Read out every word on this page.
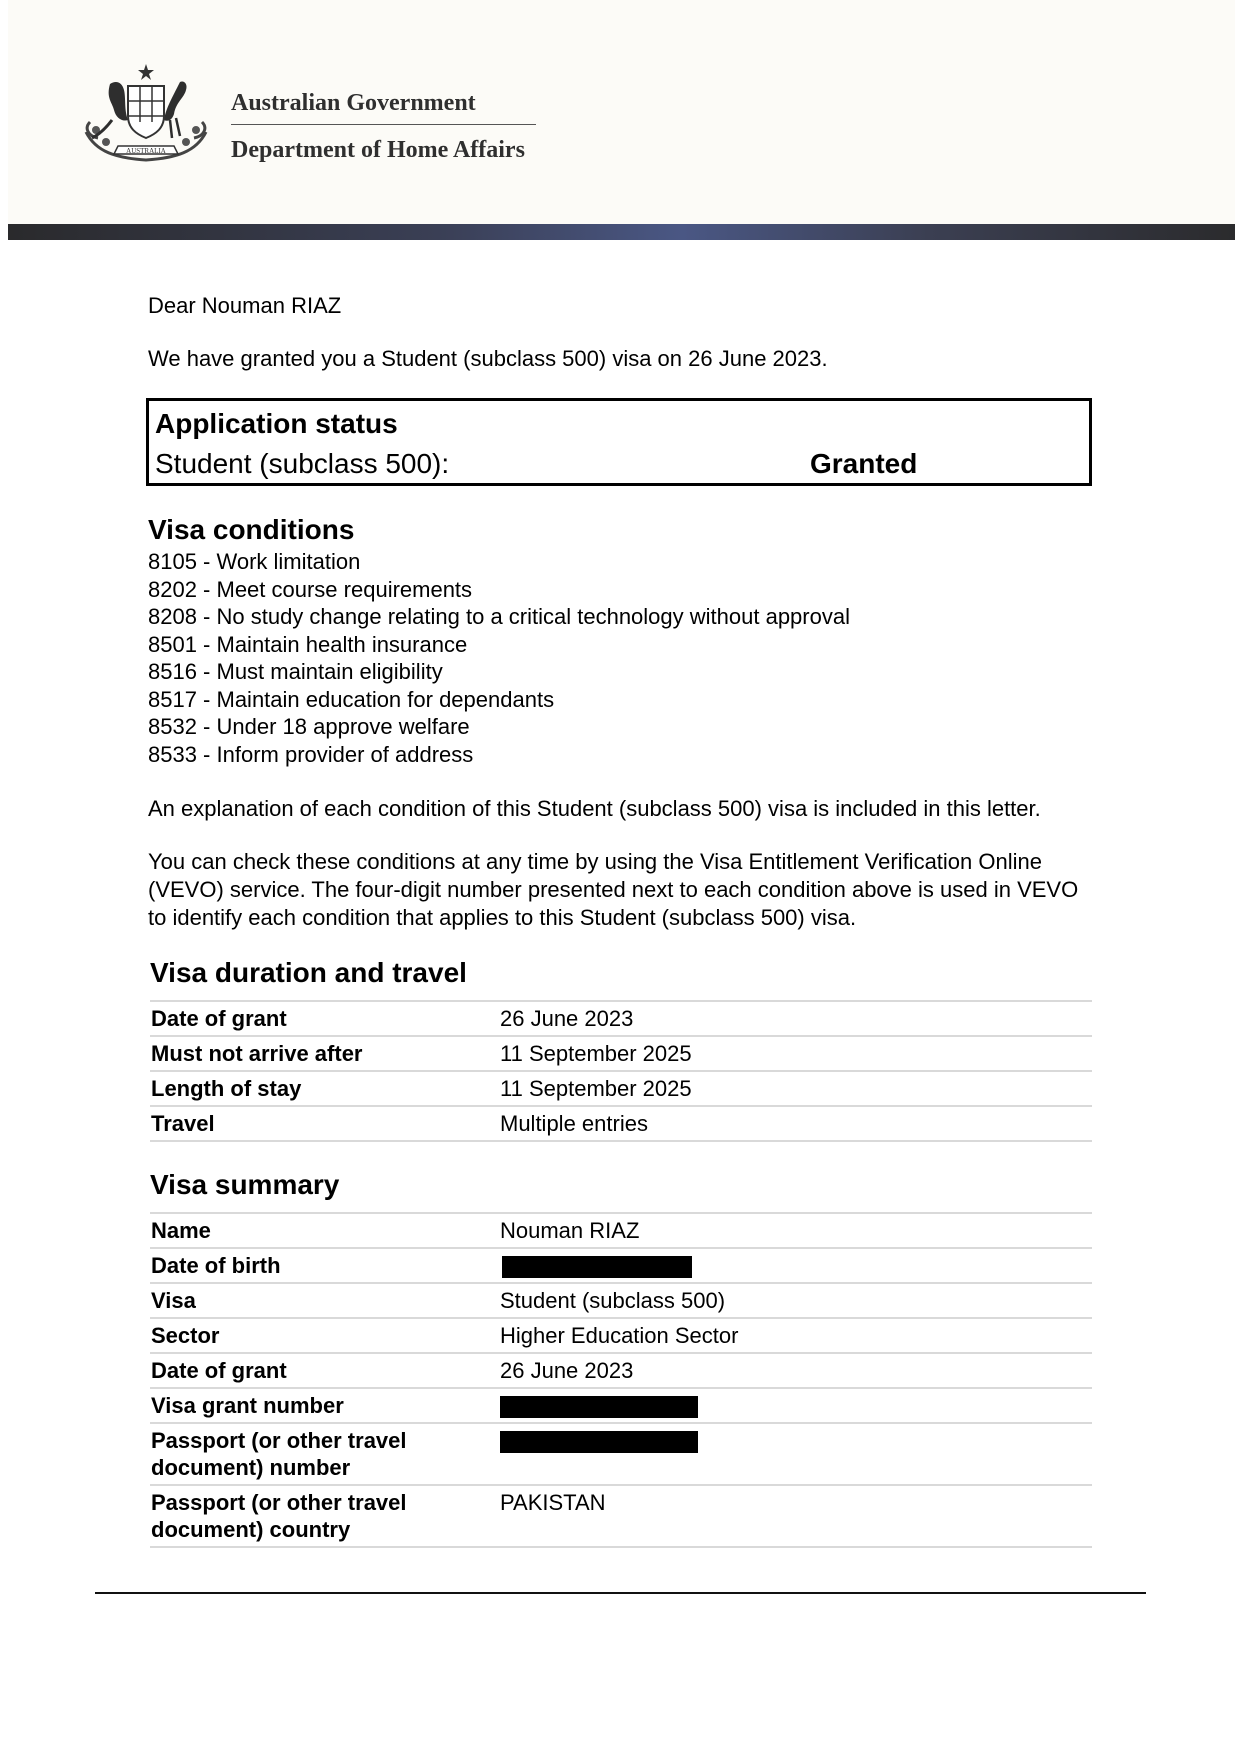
AUSTRALIA
Australian Government
Department of Home Affairs
Dear Nouman RIAZ
We have granted you a Student (subclass 500) visa on 26 June 2023.
Application status
Student (subclass 500):	Granted
Visa conditions
8105 - Work limitation
8202 - Meet course requirements
8208 - No study change relating to a critical technology without approval
8501 - Maintain health insurance
8516 - Must maintain eligibility
8517 - Maintain education for dependants
8532 - Under 18 approve welfare
8533 - Inform provider of address
An explanation of each condition of this Student (subclass 500) visa is included in this letter.
You can check these conditions at any time by using the Visa Entitlement Verification Online (VEVO) service. The four-digit number presented next to each condition above is used in VEVO to identify each condition that applies to this Student (subclass 500) visa.
Visa duration and travel
Date of grant	26 June 2023
Must not arrive after	11 September 2025
Length of stay	11 September 2025
Travel	Multiple entries
Visa summary
Name	Nouman RIAZ
Date of birth	
Visa	Student (subclass 500)
Sector	Higher Education Sector
Date of grant	26 June 2023
Visa grant number	
Passport (or other travel document) number	
Passport (or other travel document) country	PAKISTAN
